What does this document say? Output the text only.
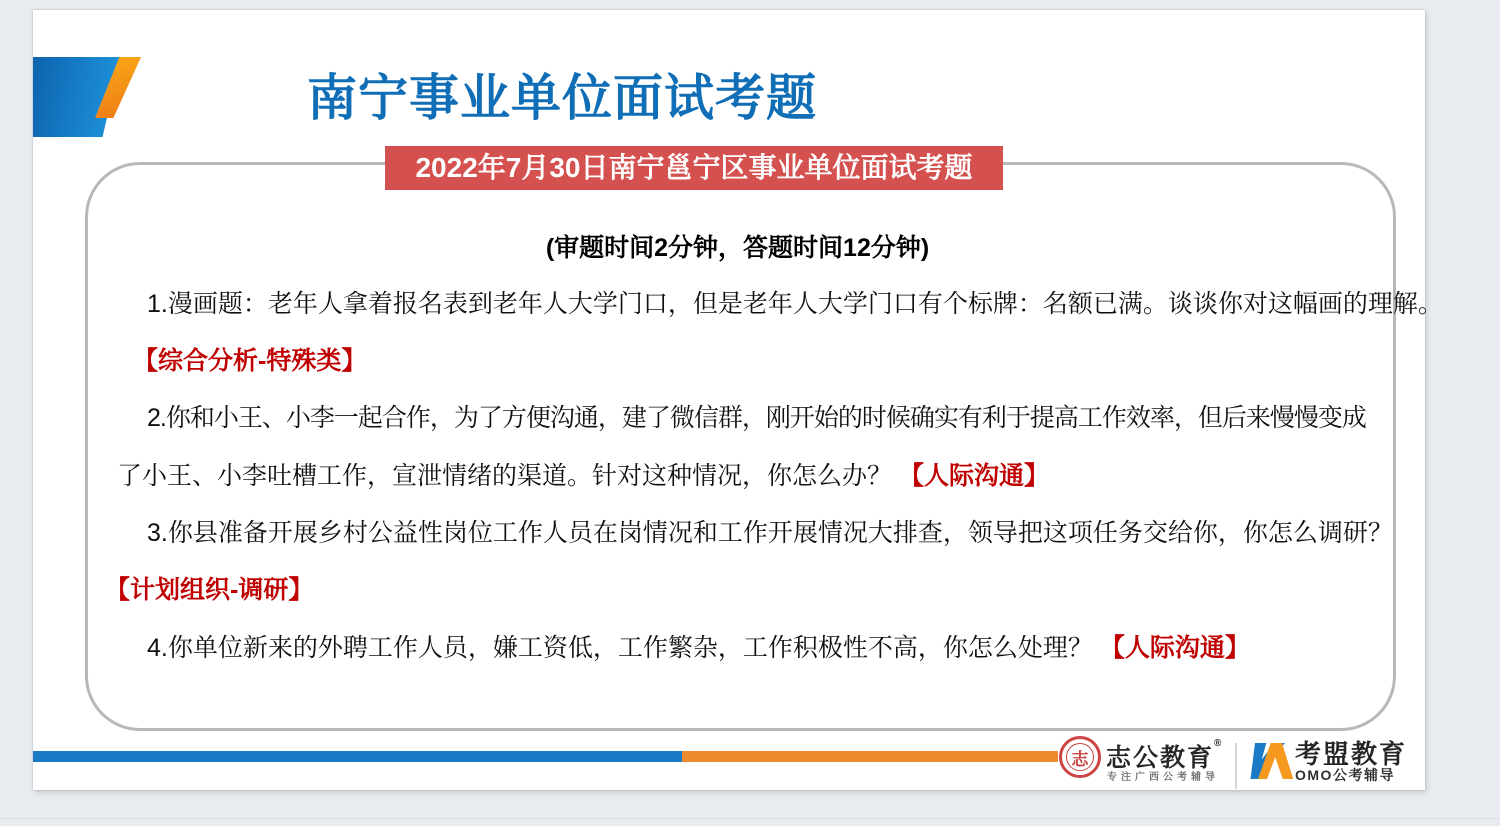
南宁事业单位面试考题
2022年7月30日南宁邕宁区事业单位面试考题
(审题时间2分钟，答题时间12分钟)
1.漫画题：老年人拿着报名表到老年人大学门口，但是老年人大学门口有个标牌：名额已满。谈谈你对这幅画的理解。
【综合分析-特殊类】
2.你和小王、小李一起合作，为了方便沟通，建了微信群，刚开始的时候确实有利于提高工作效率，但后来慢慢变成
了小王、小李吐槽工作，宣泄情绪的渠道。针对这种情况，你怎么办？ 【人际沟通】
3.你县准备开展乡村公益性岗位工作人员在岗情况和工作开展情况大排查，领导把这项任务交给你，你怎么调研？
【计划组织-调研】
4.你单位新来的外聘工作人员，嫌工资低，工作繁杂，工作积极性不高，你怎么处理？ 【人际沟通】
志 志公教育®
专注广西公考辅导
考盟教育
OMO公考辅导
